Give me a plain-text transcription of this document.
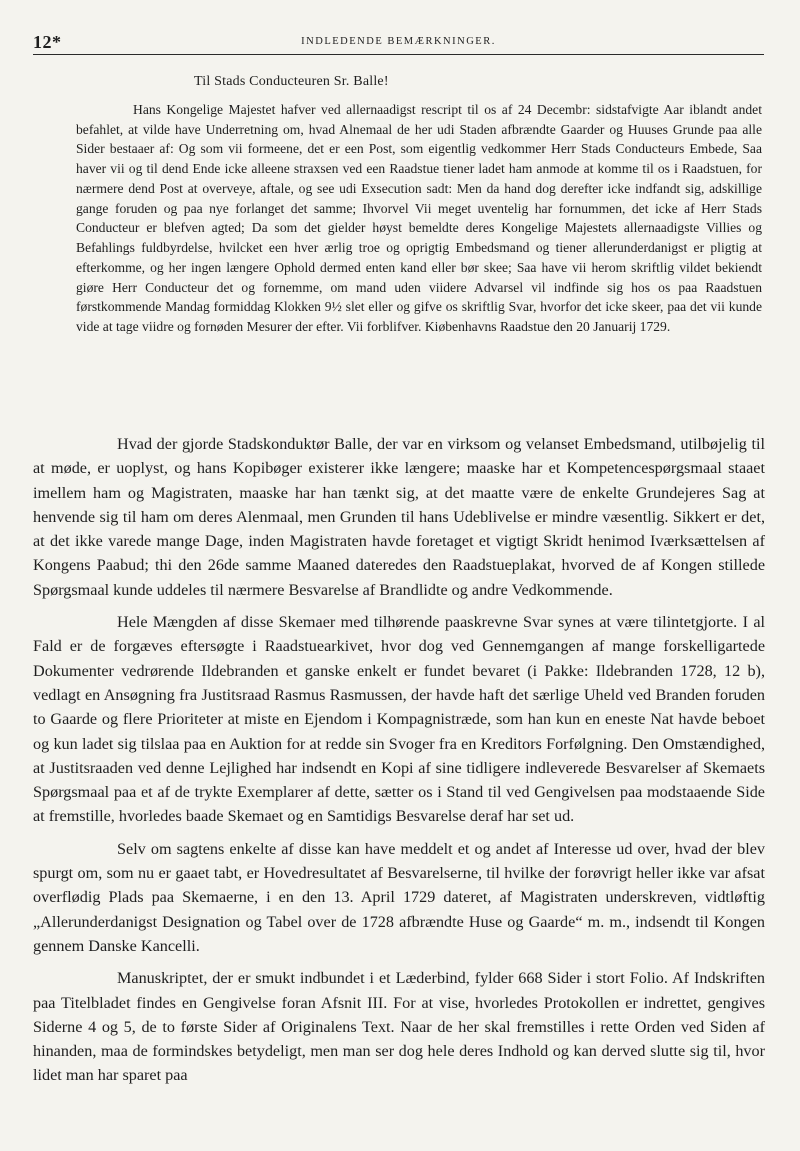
12*	INDLEDENDE BEMÆRKNINGER.
Til Stads Conducteuren Sr. Balle!

Hans Kongelige Majestet hafver ved allernaadigst rescript til os af 24 Decembr: sidstafvigte Aar iblandt andet befahlet, at vilde have Underretning om, hvad Alnemaal de her udi Staden afbrændte Gaarder og Huuses Grunde paa alle Sider bestaaer af: Og som vii formeene, det er een Post, som eigentlig vedkommer Herr Stads Conducteurs Embede, Saa haver vii og til dend Ende icke alleene straxsen ved een Raadstue tiener ladet ham anmode at komme til os i Raadstuen, for nærmere dend Post at overveye, aftale, og see udi Exsecution sadt: Men da hand dog derefter icke indfandt sig, adskillige gange foruden og paa nye forlanget det samme; Ihvorvel Vii meget uventelig har fornummen, det icke af Herr Stads Conducteur er blefven agted; Da som det gielder høyst bemeldte deres Kongelige Majestets allernaadigste Villies og Befahlings fuldbyrdelse, hvilcket een hver ærlig troe og oprigtig Embedsmand og tiener allerunderdanigst er pligtig at efterkomme, og her ingen længere Ophold dermed enten kand eller bør skee; Saa have vii herom skriftlig vildet bekiendt giøre Herr Conducteur det og fornemme, om mand uden viidere Advarsel vil indfinde sig hos os paa Raadstuen førstkommende Mandag formiddag Klokken 9½ slet eller og gifve os skriftlig Svar, hvorfor det icke skeer, paa det vii kunde vide at tage viidre og fornøden Mesurer der efter. Vii forblifver. Kiøbenhavns Raadstue den 20 Januarij 1729.

Hvad der gjorde Stadskonduktør Balle, der var en virksom og velanset Embedsmand, utilbøjelig til at møde, er uoplyst, og hans Kopibøger existerer ikke længere; maaske har et Kompetencespørgsmaal staaet imellem ham og Magistraten, maaske har han tænkt sig, at det maatte være de enkelte Grundejeres Sag at henvende sig til ham om deres Alenmaal, men Grunden til hans Udeblivelse er mindre væsentlig. Sikkert er det, at det ikke varede mange Dage, inden Magistraten havde foretaget et vigtigt Skridt henimod Iværksættelsen af Kongens Paabud; thi den 26de samme Maaned dateredes den Raadstueplakat, hvorved de af Kongen stillede Spørgsmaal kunde uddeles til nærmere Besvarelse af Brandlidte og andre Vedkommende.

Hele Mængden af disse Skemaer med tilhørende paaskrevne Svar synes at være tilintetgjorte. I al Fald er de forgæves eftersøgte i Raadstuearkivet, hvor dog ved Gennemgangen af mange forskelligartede Dokumenter vedrørende Ildebranden et ganske enkelt er fundet bevaret (i Pakke: Ildebranden 1728, 12 b), vedlagt en Ansøgning fra Justitsraad Rasmus Rasmussen, der havde haft det særlige Uheld ved Branden foruden to Gaarde og flere Prioriteter at miste en Ejendom i Kompagnistræde, som han kun en eneste Nat havde beboet og kun ladet sig tilslaa paa en Auktion for at redde sin Svoger fra en Kreditors Forfølgning. Den Omstændighed, at Justitsraaden ved denne Lejlighed har indsendt en Kopi af sine tidligere indleverede Besvarelser af Skemaets Spørgsmaal paa et af de trykte Exemplarer af dette, sætter os i Stand til ved Gengivelsen paa modstaaende Side at fremstille, hvorledes baade Skemaet og en Samtidigs Besvarelse deraf har set ud.

Selv om sagtens enkelte af disse kan have meddelt et og andet af Interesse ud over, hvad der blev spurgt om, som nu er gaaet tabt, er Hovedresultatet af Besvarelserne, til hvilke der forøvrigt heller ikke var afsat overflødig Plads paa Skemaerne, i en den 13. April 1729 dateret, af Magistraten underskreven, vidtløftig „Allerunderdanigst Designation og Tabel over de 1728 afbrændte Huse og Gaarde“ m. m., indsendt til Kongen gennem Danske Kancelli.

Manuskriptet, der er smukt indbundet i et Læderbind, fylder 668 Sider i stort Folio. Af Indskriften paa Titelbladet findes en Gengivelse foran Afsnit III. For at vise, hvorledes Protokollen er indrettet, gengives Siderne 4 og 5, de to første Sider af Originalens Text. Naar de her skal fremstilles i rette Orden ved Siden af hinanden, maa de formindskes betydeligt, men man ser dog hele deres Indhold og kan derved slutte sig til, hvor lidet man har sparet paa
